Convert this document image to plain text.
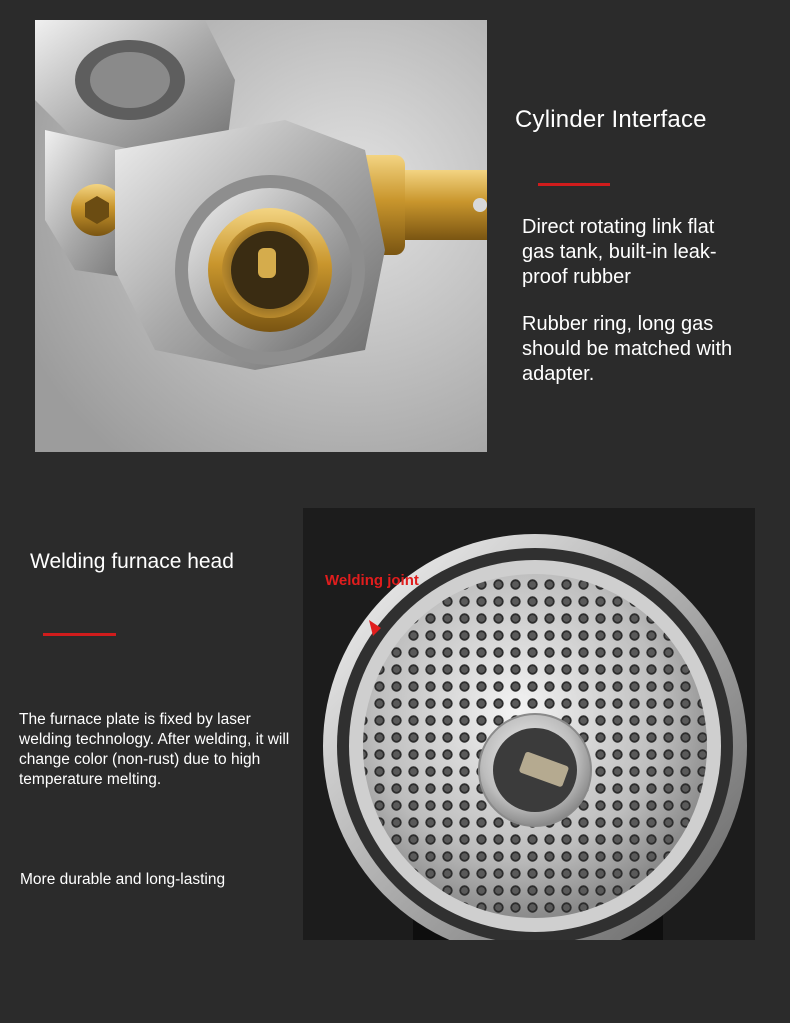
Cylinder Interface

Direct rotating link flat gas tank, built-in leak-proof rubber

Rubber ring, long gas should be matched with adapter.

Welding furnace head

The furnace plate is fixed by laser welding technology. After welding, it will change color (non-rust) due to high temperature melting.

More durable and long-lasting

Welding joint
